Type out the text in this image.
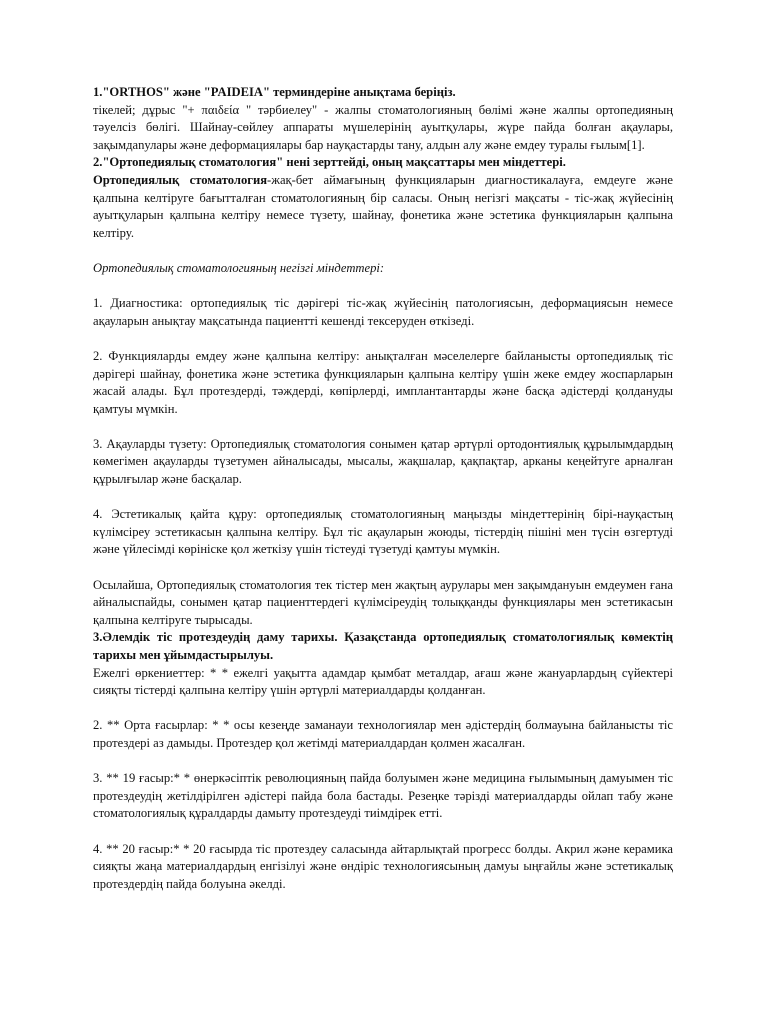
1."ORTHOS" және "PAIDEIA" терминдеріне анықтама беріңіз.

тікелей; дұрыс "+ παιδεία " тәрбиелеу" - жалпы стоматологияның бөлімі және жалпы ортопедияның тәуелсіз бөлігі. Шайнау-сөйлеу аппараты мүшелерінің ауытқулары, жүре пайда болған ақаулары, зақымдanулары және деформациялары бар науқастарды тану, алдын алу және емдеу туралы ғылым[1].

2."Ортопедиялық стоматология" нені зерттейді, оның мақсаттары мен міндеттері.

Ортопедиялық стоматология-жақ-бет аймағының функцияларын диагностикалауға, емдеуге және қалпына келтіруге бағытталған стоматологияның бір саласы. Оның негізгі мақсаты - тіс-жақ жүйесінің ауытқуларын қалпына келтіру немесе түзету, шайнау, фонетика және эстетика функцияларын қалпына келтіру.

Ортопедиялық стоматологияның негізгі міндеттері:

1. Диагностика: ортопедиялық тіс дәрігері тіс-жақ жүйесінің патологиясын, деформациясын немесе ақауларын анықтау мақсатында пациентті кешенді тексеруден өткізеді.

2. Функцияларды емдеу және қалпына келтіру: анықталған мәселелерге байланысты ортопедиялық тіс дәрігері шайнау, фонетика және эстетика функцияларын қалпына келтіру үшін жеке емдеу жоспарларын жасай алады. Бұл протездерді, тәждерді, көпірлерді, имплантантарды және басқа әдістерді қолдануды қамтуы мүмкін.

3. Ақауларды түзету: Ортопедиялық стоматология сонымен қатар әртүрлі ортодонтиялық құрылымдардың көмегімен ақауларды түзетумен айналысады, мысалы, жақшалар, қақпақтар, арканы кеңейтуге арналған құрылғылар және басқалар.

4. Эстетикалық қайта құру: ортопедиялық стоматологияның маңызды міндеттерінің бірі-науқастың күлімсіреу эстетикасын қалпына келтіру. Бұл тіс ақауларын жоюды, тістердің пішіні мен түсін өзгертуді және үйлесімді көрініске қол жеткізу үшін тістеуді түзетуді қамтуы мүмкін.

Осылайша, Ортопедиялық стоматология тек тістер мен жақтың аурулары мен зақымдануын емдеумен ғана айналыспайды, сонымен қатар пациенттердегі күлімсіреудің толыққанды функциялары мен эстетикасын қалпына келтіруге тырысады.

3.Әлемдік тіс протездеудің даму тарихы. Қазақстанда ортопедиялық стоматологиялық көмектің тарихы мен ұйымдастырылуы.

Ежелгі өркениеттер: * * ежелгі уақытта адамдар қымбат металдар, ағаш және жануарлардың сүйектері сияқты тістерді қалпына келтіру үшін әртүрлі материалдарды қолданған.

2. ** Орта ғасырлар: * * осы кезеңде заманауи технологиялар мен әдістердің болмауына байланысты тіс протездері аз дамыды. Протездер қол жетімді материалдардан қолмен жасалған.

3. ** 19 ғасыр:* * өнеркәсіптік революцияның пайда болуымен және медицина ғылымының дамуымен тіс протездеудің жетілдірілген әдістері пайда бола бастады. Резеңке тәрізді материалдарды ойлап табу және стоматологиялық құралдарды дамыту протездеуді тиімдірек етті.

4. ** 20 ғасыр:* * 20 ғасырда тіс протездеу саласында айтарлықтай прогресс болды. Акрил және керамика сияқты жаңа материалдардың енгізілуі және өндіріс технологиясының дамуы ыңғайлы және эстетикалық протездердің пайда болуына әкелді.
